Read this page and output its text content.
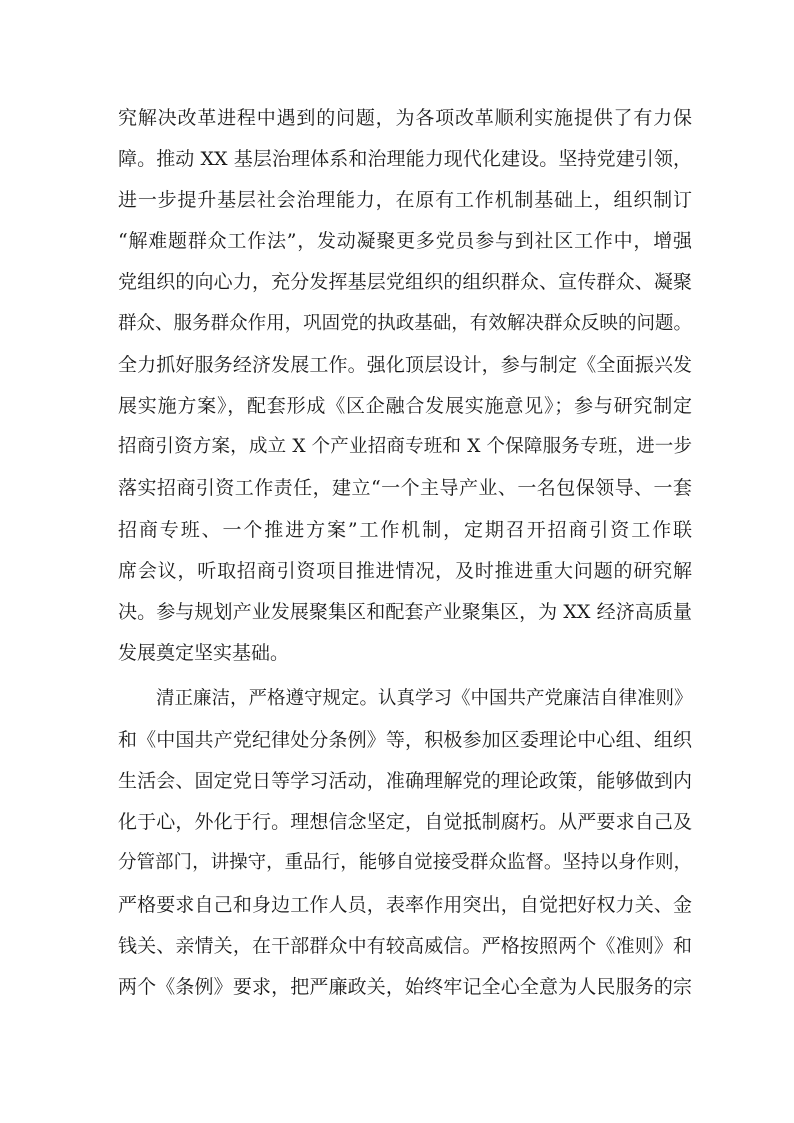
究解决改革进程中遇到的问题，为各项改革顺利实施提供了有力保
障。推动 XX 基层治理体系和治理能力现代化建设。坚持党建引领，
进一步提升基层社会治理能力，在原有工作机制基础上，组织制订
“解难题群众工作法”，发动凝聚更多党员参与到社区工作中，增强
党组织的向心力，充分发挥基层党组织的组织群众、宣传群众、凝聚
群众、服务群众作用，巩固党的执政基础，有效解决群众反映的问题。
全力抓好服务经济发展工作。强化顶层设计，参与制定《全面振兴发
展实施方案》，配套形成《区企融合发展实施意见》；参与研究制定
招商引资方案，成立 X 个产业招商专班和 X 个保障服务专班，进一步
落实招商引资工作责任，建立“一个主导产业、一名包保领导、一套
招商专班、一个推进方案”工作机制，定期召开招商引资工作联
席会议，听取招商引资项目推进情况，及时推进重大问题的研究解
决。参与规划产业发展聚集区和配套产业聚集区，为 XX 经济高质量
发展奠定坚实基础。
清正廉洁，严格遵守规定。认真学习《中国共产党廉洁自律准则》
和《中国共产党纪律处分条例》等，积极参加区委理论中心组、组织
生活会、固定党日等学习活动，准确理解党的理论政策，能够做到内
化于心，外化于行。理想信念坚定，自觉抵制腐朽。从严要求自己及
分管部门，讲操守，重品行，能够自觉接受群众监督。坚持以身作则，
严格要求自己和身边工作人员，表率作用突出，自觉把好权力关、金
钱关、亲情关，在干部群众中有较高威信。严格按照两个《准则》和
两个《条例》要求，把严廉政关，始终牢记全心全意为人民服务的宗
